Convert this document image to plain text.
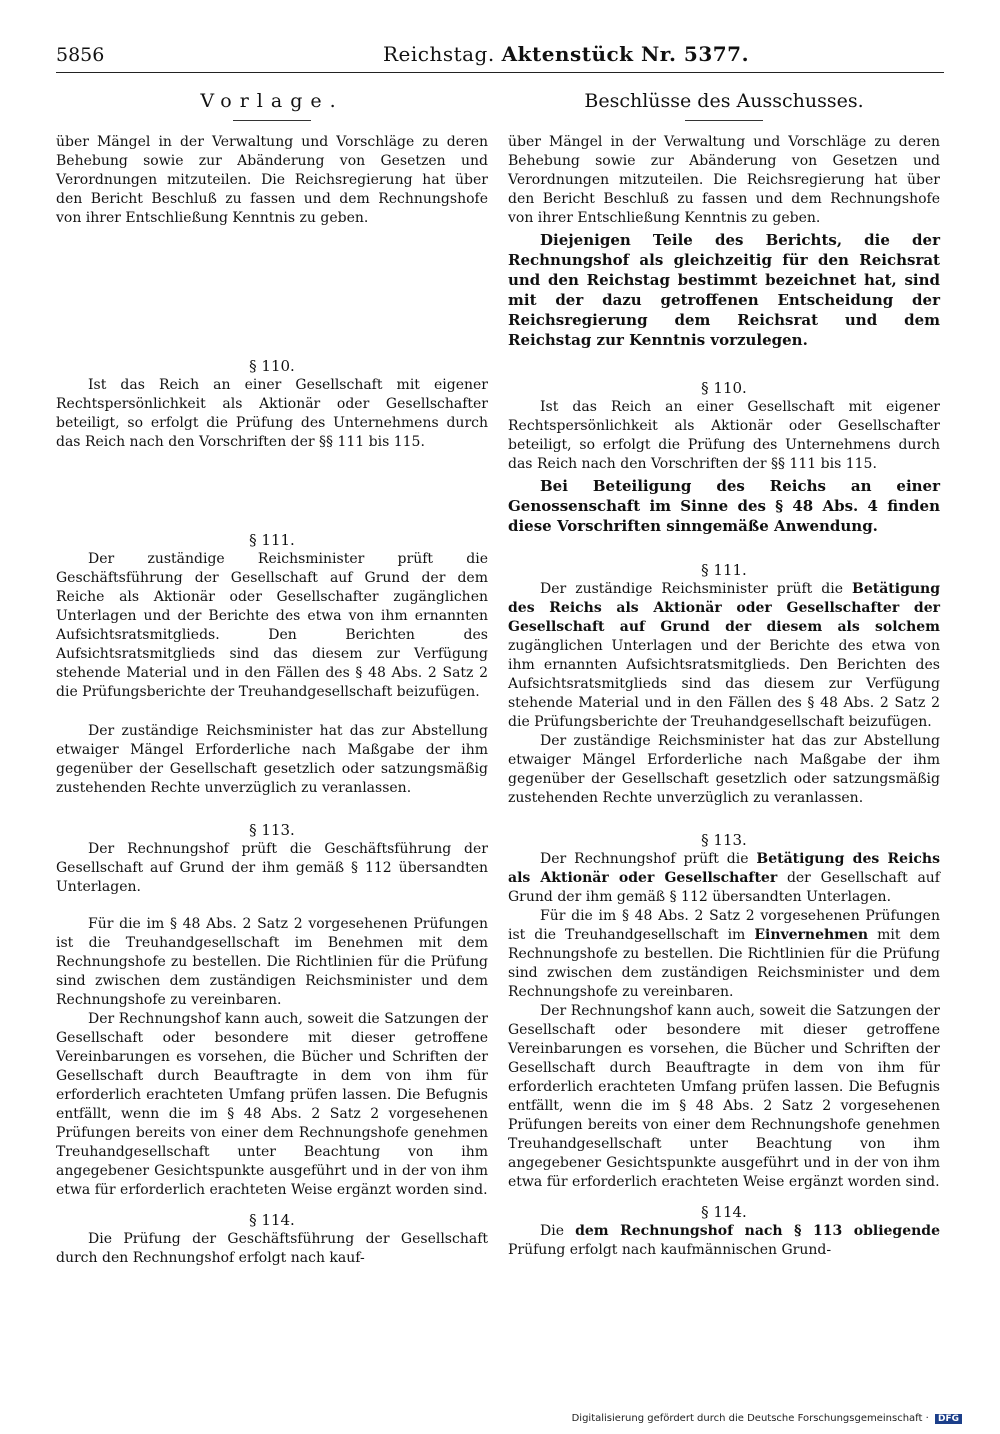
5856	Reichstag. Aktenstück Nr. 5377.
Vorlage.

über Mängel in der Verwaltung und Vorschläge zu deren Behebung sowie zur Abänderung von Gesetzen und Verordnungen mitzuteilen. Die Reichsregierung hat über den Bericht Beschluß zu fassen und dem Rechnungshofe von ihrer Entschließung Kenntnis zu geben.

§ 110.

Ist das Reich an einer Gesellschaft mit eigener Rechtspersönlichkeit als Aktionär oder Gesellschafter beteiligt, so erfolgt die Prüfung des Unternehmens durch das Reich nach den Vorschriften der §§ 111 bis 115.

§ 111.

Der zuständige Reichsminister prüft die Geschäftsführung der Gesellschaft auf Grund der dem Reiche als Aktionär oder Gesellschafter zugänglichen Unterlagen und der Berichte des etwa von ihm ernannten Aufsichtsratsmitglieds. Den Berichten des Aufsichtsratsmitglieds sind das diesem zur Verfügung stehende Material und in den Fällen des § 48 Abs. 2 Satz 2 die Prüfungsberichte der Treuhandgesellschaft beizufügen.

Der zuständige Reichsminister hat das zur Abstellung etwaiger Mängel Erforderliche nach Maßgabe der ihm gegenüber der Gesellschaft gesetzlich oder satzungsmäßig zustehenden Rechte unverzüglich zu veranlassen.

§ 113.

Der Rechnungshof prüft die Geschäftsführung der Gesellschaft auf Grund der ihm gemäß § 112 übersandten Unterlagen.

Für die im § 48 Abs. 2 Satz 2 vorgesehenen Prüfungen ist die Treuhandgesellschaft im Benehmen mit dem Rechnungshofe zu bestellen. Die Richtlinien für die Prüfung sind zwischen dem zuständigen Reichsminister und dem Rechnungshofe zu vereinbaren.

Der Rechnungshof kann auch, soweit die Satzungen der Gesellschaft oder besondere mit dieser getroffene Vereinbarungen es vorsehen, die Bücher und Schriften der Gesellschaft durch Beauftragte in dem von ihm für erforderlich erachteten Umfang prüfen lassen. Die Befugnis entfällt, wenn die im § 48 Abs. 2 Satz 2 vorgesehenen Prüfungen bereits von einer dem Rechnungshofe genehmen Treuhandgesellschaft unter Beachtung von ihm angegebener Gesichtspunkte ausgeführt und in der von ihm etwa für erforderlich erachteten Weise ergänzt worden sind.

§ 114.

Die Prüfung der Geschäftsführung der Gesellschaft durch den Rechnungshof erfolgt nach kauf-

Beschlüsse des Ausschusses.

über Mängel in der Verwaltung und Vorschläge zu deren Behebung sowie zur Abänderung von Gesetzen und Verordnungen mitzuteilen. Die Reichsregierung hat über den Bericht Beschluß zu fassen und dem Rechnungshofe von ihrer Entschließung Kenntnis zu geben.

Diejenigen Teile des Berichts, die der Rechnungshof als gleichzeitig für den Reichsrat und den Reichstag bestimmt bezeichnet hat, sind mit der dazu getroffenen Entscheidung der Reichsregierung dem Reichsrat und dem Reichstag zur Kenntnis vorzulegen.

§ 110.

Ist das Reich an einer Gesellschaft mit eigener Rechtspersönlichkeit als Aktionär oder Gesellschafter beteiligt, so erfolgt die Prüfung des Unternehmens durch das Reich nach den Vorschriften der §§ 111 bis 115.

Bei Beteiligung des Reichs an einer Genossenschaft im Sinne des § 48 Abs. 4 finden diese Vorschriften sinngemäße Anwendung.

§ 111.

Der zuständige Reichsminister prüft die Betätigung des Reichs als Aktionär oder Gesellschafter der Gesellschaft auf Grund der diesem als solchem zugänglichen Unterlagen und der Berichte des etwa von ihm ernannten Aufsichtsratsmitglieds. Den Berichten des Aufsichtsratsmitglieds sind das diesem zur Verfügung stehende Material und in den Fällen des § 48 Abs. 2 Satz 2 die Prüfungsberichte der Treuhandgesellschaft beizufügen.

Der zuständige Reichsminister hat das zur Abstellung etwaiger Mängel Erforderliche nach Maßgabe der ihm gegenüber der Gesellschaft gesetzlich oder satzungsmäßig zustehenden Rechte unverzüglich zu veranlassen.

§ 113.

Der Rechnungshof prüft die Betätigung des Reichs als Aktionär oder Gesellschafter der Gesellschaft auf Grund der ihm gemäß § 112 übersandten Unterlagen.

Für die im § 48 Abs. 2 Satz 2 vorgesehenen Prüfungen ist die Treuhandgesellschaft im Einvernehmen mit dem Rechnungshofe zu bestellen. Die Richtlinien für die Prüfung sind zwischen dem zuständigen Reichsminister und dem Rechnungshofe zu vereinbaren.

Der Rechnungshof kann auch, soweit die Satzungen der Gesellschaft oder besondere mit dieser getroffene Vereinbarungen es vorsehen, die Bücher und Schriften der Gesellschaft durch Beauftragte in dem von ihm für erforderlich erachteten Umfang prüfen lassen. Die Befugnis entfällt, wenn die im § 48 Abs. 2 Satz 2 vorgesehenen Prüfungen bereits von einer dem Rechnungshofe genehmen Treuhandgesellschaft unter Beachtung von ihm angegebener Gesichtspunkte ausgeführt und in der von ihm etwa für erforderlich erachteten Weise ergänzt worden sind.

§ 114.

Die dem Rechnungshof nach § 113 obliegende Prüfung erfolgt nach kaufmännischen Grund-

Digitalisierung gefördert durch die Deutsche Forschungsgemeinschaft · DFG
